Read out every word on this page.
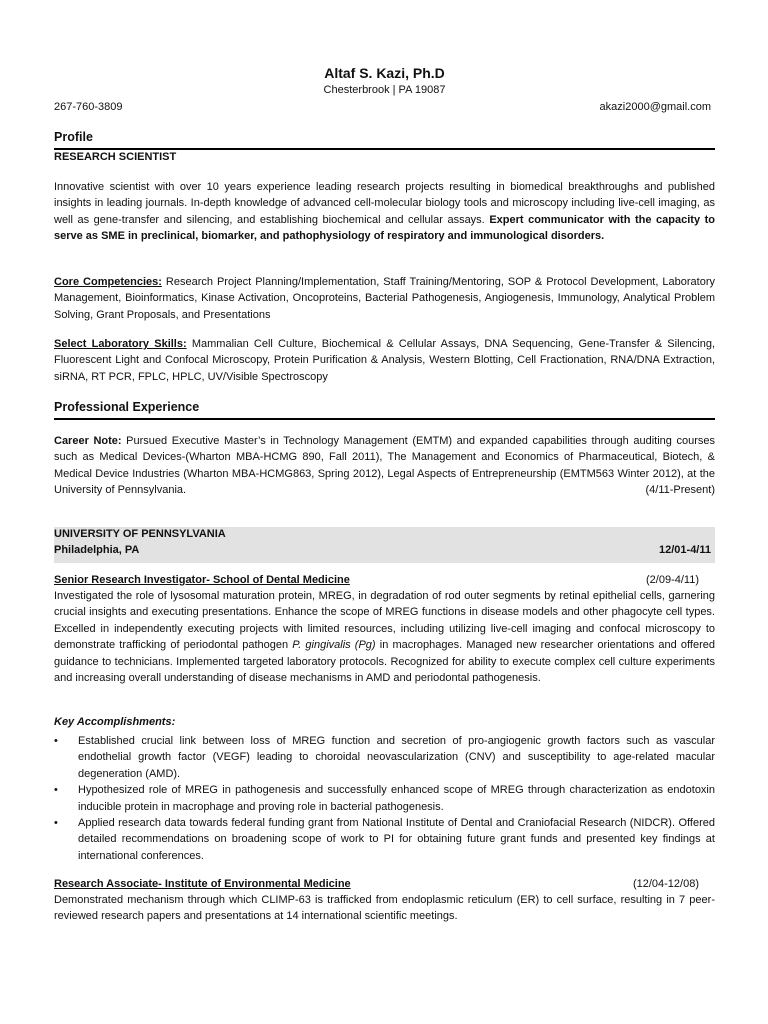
Altaf S. Kazi, Ph.D
Chesterbrook | PA 19087
267-760-3809	akazi2000@gmail.com
Profile
RESEARCH SCIENTIST

Innovative scientist with over 10 years experience leading research projects resulting in biomedical breakthroughs and published insights in leading journals. In-depth knowledge of advanced cell-molecular biology tools and microscopy including live-cell imaging, as well as gene-transfer and silencing, and establishing biochemical and cellular assays. Expert communicator with the capacity to serve as SME in preclinical, biomarker, and pathophysiology of respiratory and immunological disorders.

Core Competencies: Research Project Planning/Implementation, Staff Training/Mentoring, SOP & Protocol Development, Laboratory Management, Bioinformatics, Kinase Activation, Oncoproteins, Bacterial Pathogenesis, Angiogenesis, Immunology, Analytical Problem Solving, Grant Proposals, and Presentations

Select Laboratory Skills: Mammalian Cell Culture, Biochemical & Cellular Assays, DNA Sequencing, Gene-Transfer & Silencing, Fluorescent Light and Confocal Microscopy, Protein Purification & Analysis, Western Blotting, Cell Fractionation, RNA/DNA Extraction, siRNA, RT PCR, FPLC, HPLC, UV/Visible Spectroscopy

Professional Experience

Career Note: Pursued Executive Master’s in Technology Management (EMTM) and expanded capabilities through auditing courses such as Medical Devices-(Wharton MBA-HCMG 890, Fall 2011), The Management and Economics of Pharmaceutical, Biotech, & Medical Device Industries (Wharton MBA-HCMG863, Spring 2012), Legal Aspects of Entrepreneurship (EMTM563 Winter 2012), at the University of Pennsylvania.	(4/11-Present)

UNIVERSITY OF PENNSYLVANIA
Philadelphia, PA	12/01-4/11
Senior Research Investigator- School of Dental Medicine	(2/09-4/11)

Investigated the role of lysosomal maturation protein, MREG, in degradation of rod outer segments by retinal epithelial cells, garnering crucial insights and executing presentations. Enhance the scope of MREG functions in disease models and other phagocyte cell types. Excelled in independently executing projects with limited resources, including utilizing live-cell imaging and confocal microscopy to demonstrate trafficking of periodontal pathogen P. gingivalis (Pg) in macrophages. Managed new researcher orientations and offered guidance to technicians. Implemented targeted laboratory protocols. Recognized for ability to execute complex cell culture experiments and increasing overall understanding of disease mechanisms in AMD and periodontal pathogenesis.

Key Accomplishments:
• Established crucial link between loss of MREG function and secretion of pro-angiogenic growth factors such as vascular endothelial growth factor (VEGF) leading to choroidal neovascularization (CNV) and susceptibility to age-related macular degeneration (AMD).
• Hypothesized role of MREG in pathogenesis and successfully enhanced scope of MREG through characterization as endotoxin inducible protein in macrophage and proving role in bacterial pathogenesis.
• Applied research data towards federal funding grant from National Institute of Dental and Craniofacial Research (NIDCR). Offered detailed recommendations on broadening scope of work to PI for obtaining future grant funds and presented key findings at international conferences.
Research Associate- Institute of Environmental Medicine	(12/04-12/08)

Demonstrated mechanism through which CLIMP-63 is trafficked from endoplasmic reticulum (ER) to cell surface, resulting in 7 peer-reviewed research papers and presentations at 14 international scientific meetings.
